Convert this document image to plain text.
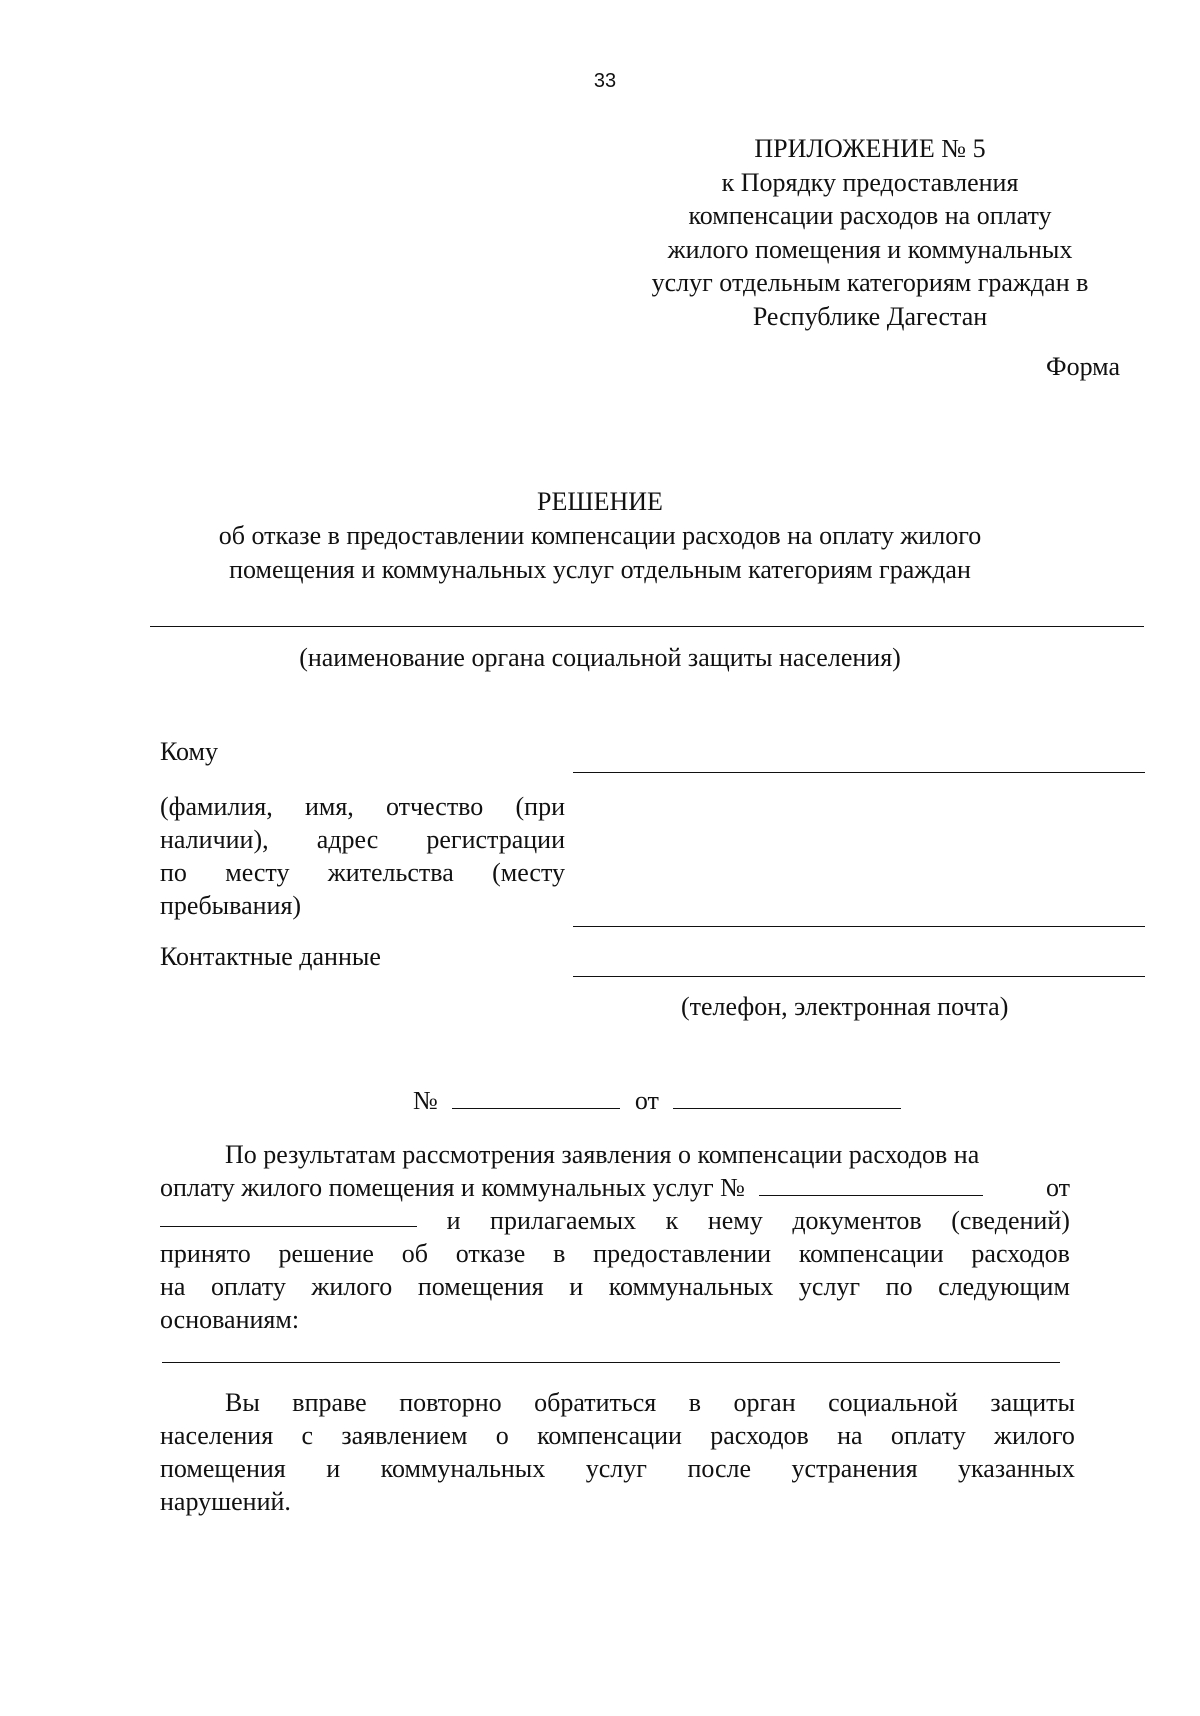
33
ПРИЛОЖЕНИЕ № 5
к Порядку предоставления
компенсации расходов на оплату
жилого помещения и коммунальных
услуг отдельным категориям граждан в
Республике Дагестан
Форма
РЕШЕНИЕ
об отказе в предоставлении компенсации расходов на оплату жилого
помещения и коммунальных услуг отдельным категориям граждан
(наименование органа социальной защиты населения)
Кому
(фамилия, имя, отчество (при
наличии), адрес регистрации
по месту жительства (месту
пребывания)
Контактные данные
(телефон, электронная почта)
№	от
По результатам рассмотрения заявления о компенсации расходов на
оплату жилого помещения и коммунальных услуг №	от
и прилагаемых к нему документов (сведений)
принято решение об отказе в предоставлении компенсации расходов
на оплату жилого помещения и коммунальных услуг по следующим
основаниям:
Вы вправе повторно обратиться в орган социальной защиты
населения с заявлением о компенсации расходов на оплату жилого
помещения и коммунальных услуг после устранения указанных
нарушений.
